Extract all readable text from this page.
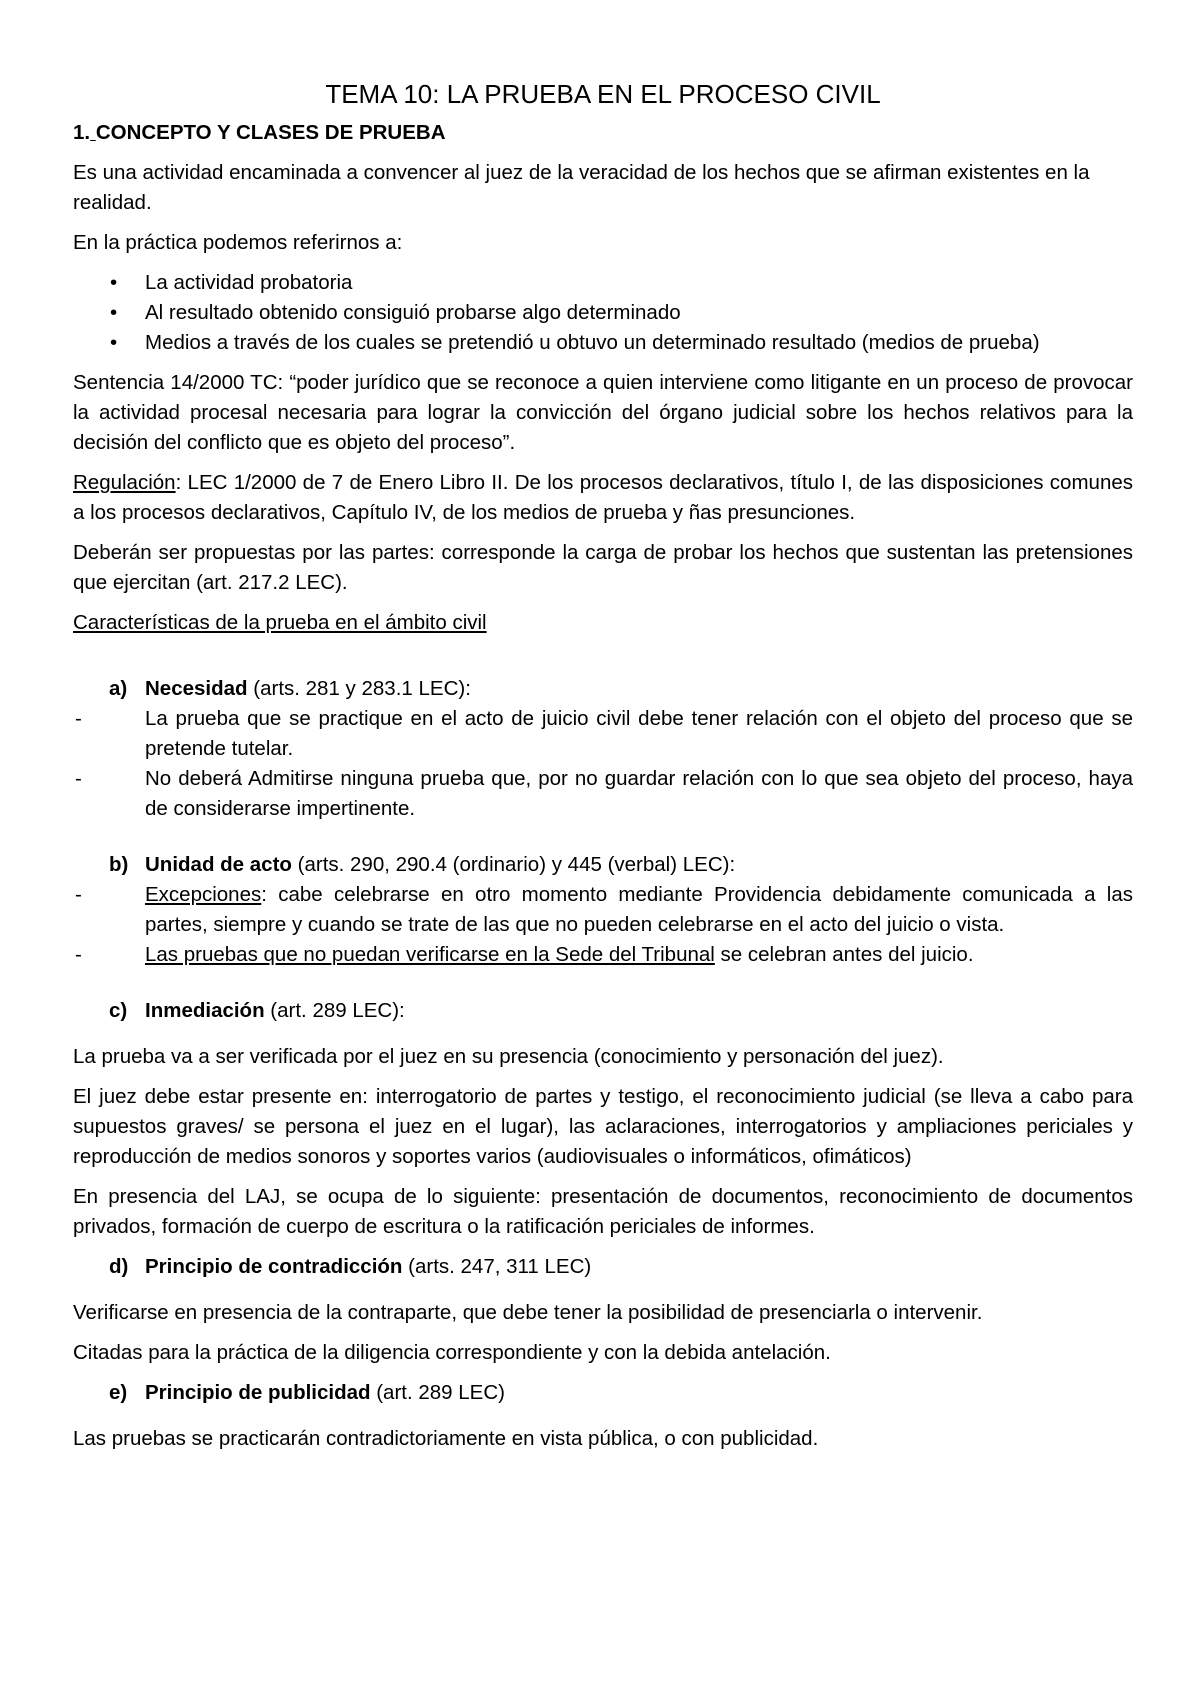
TEMA 10: LA PRUEBA EN EL PROCESO CIVIL
1. CONCEPTO Y CLASES DE PRUEBA

Es una actividad encaminada a convencer al juez de la veracidad de los hechos que se afirman existentes en la realidad.

En la práctica podemos referirnos a:

• La actividad probatoria
• Al resultado obtenido consiguió probarse algo determinado
• Medios a través de los cuales se pretendió u obtuvo un determinado resultado (medios de prueba)

Sentencia 14/2000 TC: “poder jurídico que se reconoce a quien interviene como litigante en un proceso de provocar la actividad procesal necesaria para lograr la convicción del órgano judicial sobre los hechos relativos para la decisión del conflicto que es objeto del proceso”.

Regulación: LEC 1/2000 de 7 de Enero Libro II. De los procesos declarativos, título I, de las disposiciones comunes a los procesos declarativos, Capítulo IV, de los medios de prueba y ñas presunciones.

Deberán ser propuestas por las partes: corresponde la carga de probar los hechos que sustentan las pretensiones que ejercitan (art. 217.2 LEC).

Características de la prueba en el ámbito civil

a) Necesidad (arts. 281 y 283.1 LEC):
-	La prueba que se practique en el acto de juicio civil debe tener relación con el objeto del proceso que se pretende tutelar.
-	No deberá Admitirse ninguna prueba que, por no guardar relación con lo que sea objeto del proceso, haya de considerarse impertinente.
b) Unidad de acto (arts. 290, 290.4 (ordinario) y 445 (verbal) LEC):
-	Excepciones: cabe celebrarse en otro momento mediante Providencia debidamente comunicada a las partes, siempre y cuando se trate de las que no pueden celebrarse en el acto del juicio o vista.
-	Las pruebas que no puedan verificarse en la Sede del Tribunal se celebran antes del juicio.
c) Inmediación (art. 289 LEC):

La prueba va a ser verificada por el juez en su presencia (conocimiento y personación del juez).

El juez debe estar presente en: interrogatorio de partes y testigo, el reconocimiento judicial (se lleva a cabo para supuestos graves/ se persona el juez en el lugar), las aclaraciones, interrogatorios y ampliaciones periciales y reproducción de medios sonoros y soportes varios (audiovisuales o informáticos, ofimáticos)

En presencia del LAJ, se ocupa de lo siguiente: presentación de documentos, reconocimiento de documentos privados, formación de cuerpo de escritura o la ratificación periciales de informes.

d) Principio de contradicción (arts. 247, 311 LEC)

Verificarse en presencia de la contraparte, que debe tener la posibilidad de presenciarla o intervenir.

Citadas para la práctica de la diligencia correspondiente y con la debida antelación.

e) Principio de publicidad (art. 289 LEC)

Las pruebas se practicarán contradictoriamente en vista pública, o con publicidad.
